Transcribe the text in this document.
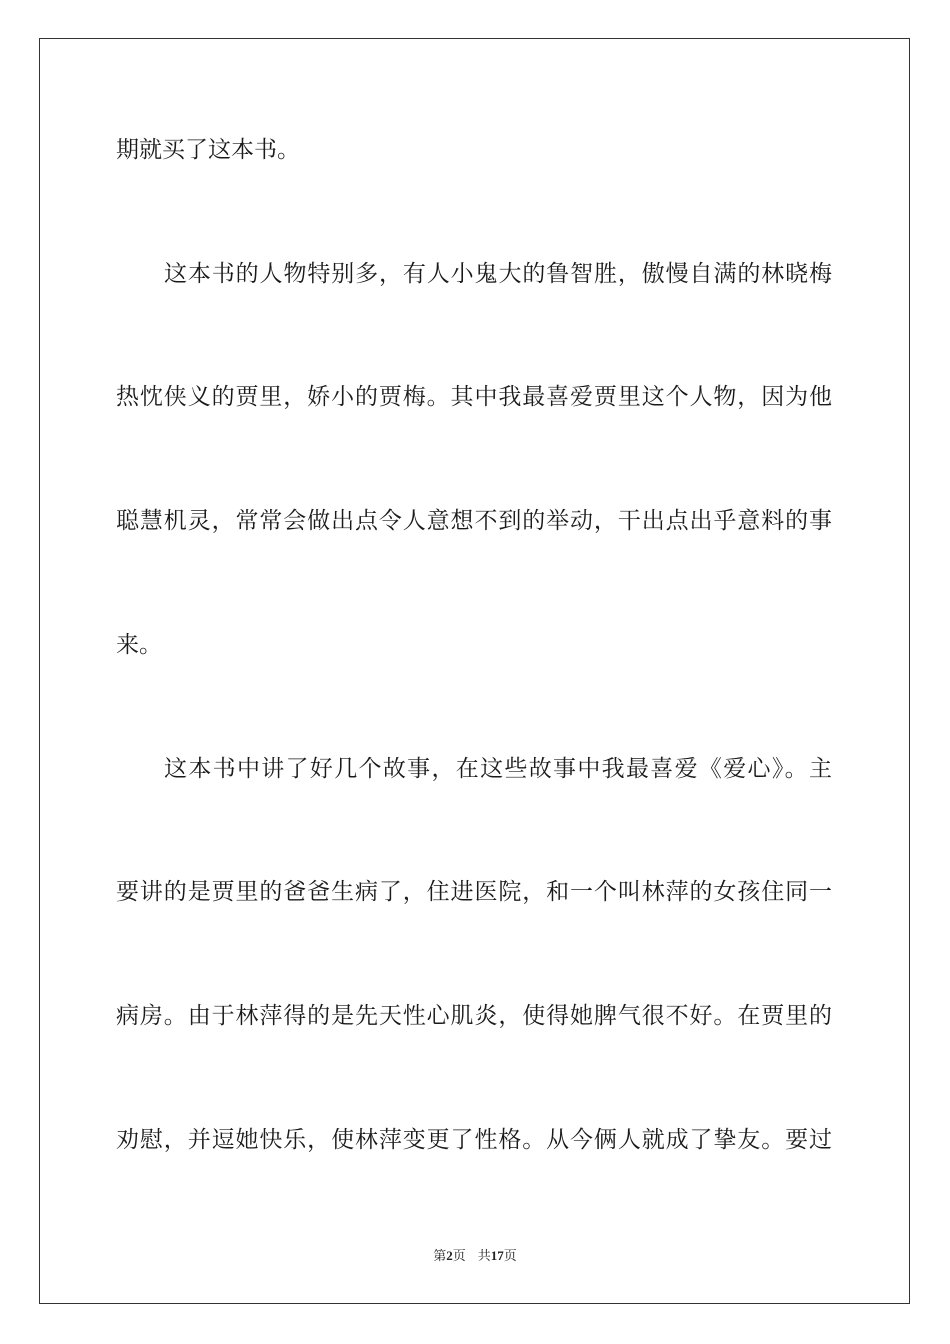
期就买了这本书。
这本书的人物特别多，有人小鬼大的鲁智胜，傲慢自满的林晓梅
热忱侠义的贾里，娇小的贾梅。其中我最喜爱贾里这个人物，因为他
聪慧机灵，常常会做出点令人意想不到的举动，干出点出乎意料的事
来。
这本书中讲了好几个故事，在这些故事中我最喜爱《爱心》。主
要讲的是贾里的爸爸生病了，住进医院，和一个叫林萍的女孩住同一
病房。由于林萍得的是先天性心肌炎，使得她脾气很不好。在贾里的
劝慰，并逗她快乐，使林萍变更了性格。从今俩人就成了挚友。要过
第2页 共17页
